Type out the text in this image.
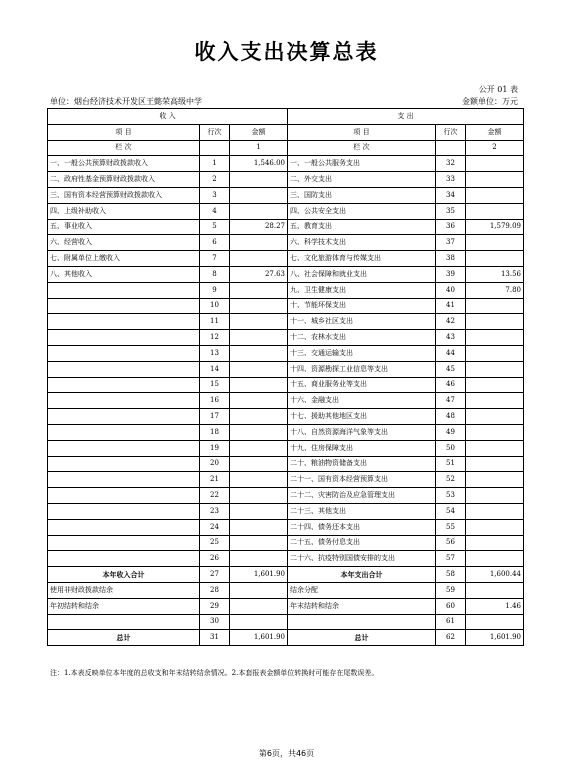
收入支出决算总表
公开 01 表
单位：烟台经济技术开发区王懿荣高级中学	金额单位：万元
收 入			支 出		
项 目	行次	金额	项 目	行次	金额
栏 次		1	栏 次		2
一、一般公共预算财政拨款收入	1	1,546.00	一、一般公共服务支出	32	
二、政府性基金预算财政拨款收入	2		二、外交支出	33	
三、国有资本经营预算财政拨款收入	3		三、国防支出	34	
四、上级补助收入	4		四、公共安全支出	35	
五、事业收入	5	28.27	五、教育支出	36	1,579.09
六、经营收入	6		六、科学技术支出	37	
七、附属单位上缴收入	7		七、文化旅游体育与传媒支出	38	
八、其他收入	8	27.63	八、社会保障和就业支出	39	13.56
	9		九、卫生健康支出	40	7.80
	10		十、节能环保支出	41	
	11		十一、城乡社区支出	42	
	12		十二、农林水支出	43	
	13		十三、交通运输支出	44	
	14		十四、资源勘探工业信息等支出	45	
	15		十五、商业服务业等支出	46	
	16		十六、金融支出	47	
	17		十七、援助其他地区支出	48	
	18		十八、自然资源海洋气象等支出	49	
	19		十九、住房保障支出	50	
	20		二十、粮油物资储备支出	51	
	21		二十一、国有资本经营预算支出	52	
	22		二十二、灾害防治及应急管理支出	53	
	23		二十三、其他支出	54	
	24		二十四、债务还本支出	55	
	25		二十五、债务付息支出	56	
	26		二十六、抗疫特别国债安排的支出	57	
本年收入合计	27	1,601.90	本年支出合计	58	1,600.44
使用非财政拨款结余	28		结余分配	59	
年初结转和结余	29		年末结转和结余	60	1.46
	30			61	
总计	31	1,601.90	总计	62	1,601.90
注：1.本表反映单位本年度的总收支和年末结转结余情况。2.本套报表金额单位转换时可能存在尾数误差。
第6页，共46页
